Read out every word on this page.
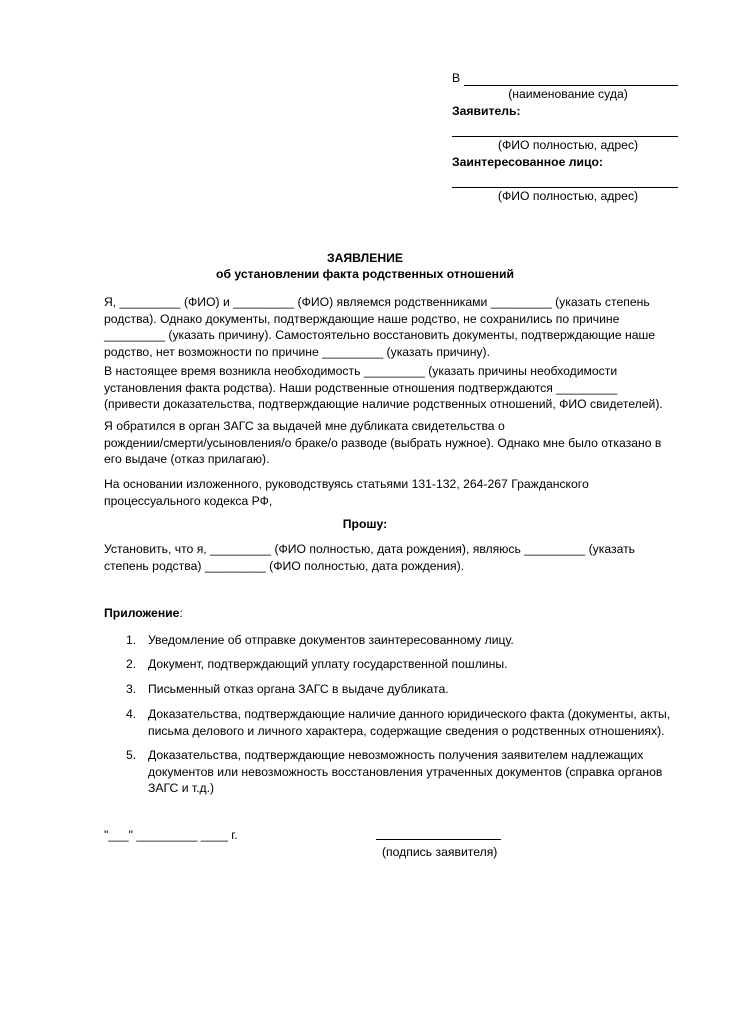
В
(наименование суда)
Заявитель:
(ФИО полностью, адрес)
Заинтересованное лицо:
(ФИО полностью, адрес)
ЗАЯВЛЕНИЕ
об установлении факта родственных отношений
Я, _________ (ФИО) и _________ (ФИО) являемся родственниками _________ (указать степень
родства). Однако документы, подтверждающие наше родство, не сохранились по причине
_________ (указать причину). Самостоятельно восстановить документы, подтверждающие наше
родство, нет возможности по причине _________ (указать причину).
В настоящее время возникла необходимость _________ (указать причины необходимости
установления факта родства). Наши родственные отношения подтверждаются _________
(привести доказательства, подтверждающие наличие родственных отношений, ФИО свидетелей).
Я обратился в орган ЗАГС за выдачей мне дубликата свидетельства о
рождении/смерти/усыновления/о браке/о разводе (выбрать нужное). Однако мне было отказано в
его выдаче (отказ прилагаю).
На основании изложенного, руководствуясь статьями 131-132, 264-267 Гражданского
процессуального кодекса РФ,
Прошу:
Установить, что я, _________ (ФИО полностью, дата рождения), являюсь _________ (указать
степень родства) _________ (ФИО полностью, дата рождения).
Приложение:
1. Уведомление об отправке документов заинтересованному лицу.
2. Документ, подтверждающий уплату государственной пошлины.
3. Письменный отказ органа ЗАГС в выдаче дубликата.
4. Доказательства, подтверждающие наличие данного юридического факта (документы, акты,
письма делового и личного характера, содержащие сведения о родственных отношениях).
5. Доказательства, подтверждающие невозможность получения заявителем надлежащих
документов или невозможность восстановления утраченных документов (справка органов
ЗАГС и т.д.)
"___" _________ ____ г.
(подпись заявителя)
